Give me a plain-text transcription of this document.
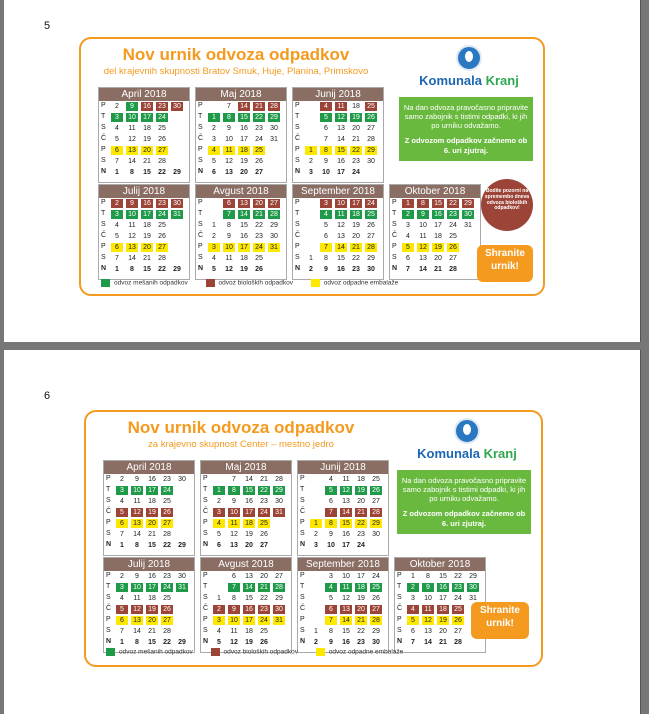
5
Nov urnik odvoza odpadkov
del krajevnih skupnosti Bratov Smuk, Huje, Planina, Primskovo
Komunala Kranj
Na dan odvoza pravočasno pripravite samo zabojnik s tistimi odpadki, ki jih po urniku odvažamo.
Z odvozom odpadkov začnemo ob 6. uri zjutraj.
Bodite pozorni na spremembo dneva odvoza bioloških odpadkov!
April 2018
P	2	9	16	23	30
T	3	10	17	24
S	4	11	18	25
Č	5	12	19	26
P	6	13	20	27
S	7	14	21	28
N	1	8	15	22	29
Maj 2018
P	7	14	21	28
T	1	8	15	22	29
S	2	9	16	23	30
Č	3	10	17	24	31
P	4	11	18	25
S	5	12	19	26
N	6	13	20	27
Junij 2018
P	4	11	18	25
T	5	12	19	26
S	6	13	20	27
Č	7	14	21	28
P	1	8	15	22	29
S	2	9	16	23	30
N	3	10	17	24
Julij 2018
P	2	9	16	23	30
T	3	10	17	24	31
S	4	11	18	25
Č	5	12	19	26
P	6	13	20	27
S	7	14	21	28
N	1	8	15	22	29
Avgust 2018
P	6	13	20	27
T	7	14	21	28
S	1	8	15	22	29
Č	2	9	16	23	30
P	3	10	17	24	31
S	4	11	18	25
N	5	12	19	26
September 2018
P	3	10	17	24
T	4	11	18	25
S	5	12	19	26
Č	6	13	20	27
P	7	14	21	28
S	1	8	15	22	29
N	2	9	16	23	30
Oktober 2018
P	1	8	15	22	29
T	2	9	16	23	30
S	3	10	17	24	31
Č	4	11	18	25
P	5	12	19	26
S	6	13	20	27
N	7	14	21	28
odvoz mešanih odpadkov	odvoz bioloških odpadkov	odvoz odpadne embalaže
Shranite urnik!
6
Nov urnik odvoza odpadkov
za krajevno skupnost Center – mestno jedro
Komunala Kranj
Na dan odvoza pravočasno pripravite samo zabojnik s tistimi odpadki, ki jih po urniku odvažamo.
Z odvozom odpadkov začnemo ob 6. uri zjutraj.
April 2018
P	2	9	16	23	30
T	3	10	17	24
S	4	11	18	25
Č	5	12	19	26
P	6	13	20	27
S	7	14	21	28
N	1	8	15	22	29
Maj 2018
P	7	14	21	28
T	1	8	15	22	29
S	2	9	16	23	30
Č	3	10	17	24	31
P	4	11	18	25
S	5	12	19	26
N	6	13	20	27
Junij 2018
P	4	11	18	25
T	5	12	19	26
S	6	13	20	27
Č	7	14	21	28
P	1	8	15	22	29
S	2	9	16	23	30
N	3	10	17	24
Julij 2018
P	2	9	16	23	30
T	3	10	17	24	31
S	4	11	18	25
Č	5	12	19	26
P	6	13	20	27
S	7	14	21	28
N	1	8	15	22	29
Avgust 2018
P	6	13	20	27
T	7	14	21	28
S	1	8	15	22	29
Č	2	9	16	23	30
P	3	10	17	24	31
S	4	11	18	25
N	5	12	19	26
September 2018
P	3	10	17	24
T	4	11	18	25
S	5	12	19	26
Č	6	13	20	27
P	7	14	21	28
S	1	8	15	22	29
N	2	9	16	23	30
Oktober 2018
P	1	8	15	22	29
T	2	9	16	23	30
S	3	10	17	24	31
Č	4	11	18	25
P	5	12	19	26
S	6	13	20	27
N	7	14	21	28
odvoz mešanih odpadkov	odvoz bioloških odpadkov	odvoz odpadne embalaže
Shranite urnik!
